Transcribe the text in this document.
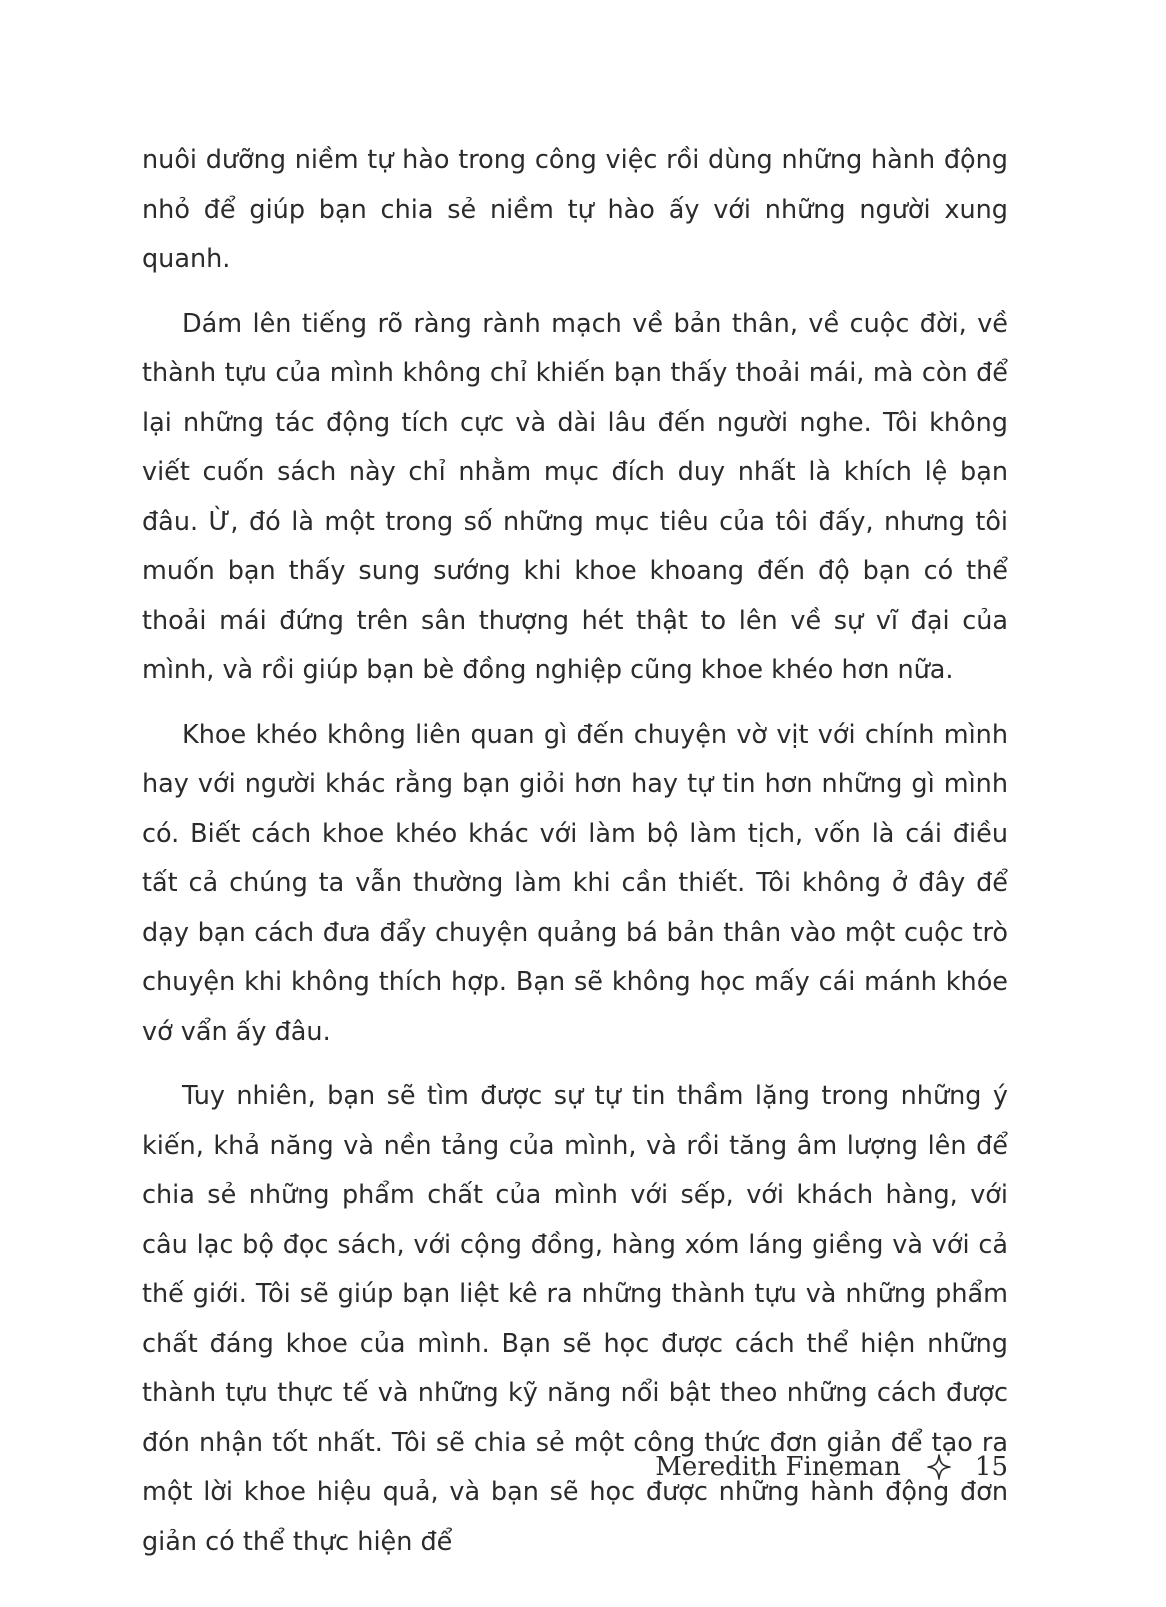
nuôi dưỡng niềm tự hào trong công việc rồi dùng những hành động nhỏ để giúp bạn chia sẻ niềm tự hào ấy với những người xung quanh.

Dám lên tiếng rõ ràng rành mạch về bản thân, về cuộc đời, về thành tựu của mình không chỉ khiến bạn thấy thoải mái, mà còn để lại những tác động tích cực và dài lâu đến người nghe. Tôi không viết cuốn sách này chỉ nhằm mục đích duy nhất là khích lệ bạn đâu. Ừ, đó là một trong số những mục tiêu của tôi đấy, nhưng tôi muốn bạn thấy sung sướng khi khoe khoang đến độ bạn có thể thoải mái đứng trên sân thượng hét thật to lên về sự vĩ đại của mình, và rồi giúp bạn bè đồng nghiệp cũng khoe khéo hơn nữa.

Khoe khéo không liên quan gì đến chuyện vờ vịt với chính mình hay với người khác rằng bạn giỏi hơn hay tự tin hơn những gì mình có. Biết cách khoe khéo khác với làm bộ làm tịch, vốn là cái điều tất cả chúng ta vẫn thường làm khi cần thiết. Tôi không ở đây để dạy bạn cách đưa đẩy chuyện quảng bá bản thân vào một cuộc trò chuyện khi không thích hợp. Bạn sẽ không học mấy cái mánh khóe vớ vẩn ấy đâu.

Tuy nhiên, bạn sẽ tìm được sự tự tin thầm lặng trong những ý kiến, khả năng và nền tảng của mình, và rồi tăng âm lượng lên để chia sẻ những phẩm chất của mình với sếp, với khách hàng, với câu lạc bộ đọc sách, với cộng đồng, hàng xóm láng giềng và với cả thế giới. Tôi sẽ giúp bạn liệt kê ra những thành tựu và những phẩm chất đáng khoe của mình. Bạn sẽ học được cách thể hiện những thành tựu thực tế và những kỹ năng nổi bật theo những cách được đón nhận tốt nhất. Tôi sẽ chia sẻ một công thức đơn giản để tạo ra một lời khoe hiệu quả, và bạn sẽ học được những hành động đơn giản có thể thực hiện để

Meredith Fineman	15
